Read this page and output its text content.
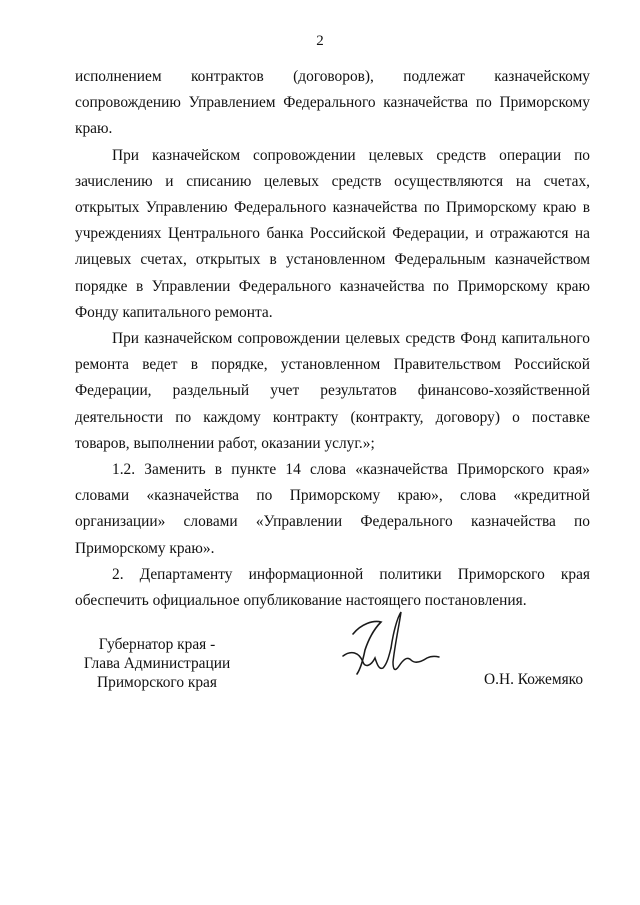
2

исполнением контрактов (договоров), подлежат казначейскому сопровождению Управлением Федерального казначейства по Приморскому краю.

При казначейском сопровождении целевых средств операции по зачислению и списанию целевых средств осуществляются на счетах, открытых Управлению Федерального казначейства по Приморскому краю в учреждениях Центрального банка Российской Федерации, и отражаются на лицевых счетах, открытых в установленном Федеральным казначейством порядке в Управлении Федерального казначейства по Приморскому краю Фонду капитального ремонта.

При казначейском сопровождении целевых средств Фонд капитального ремонта ведет в порядке, установленном Правительством Российской Федерации, раздельный учет результатов финансово-хозяйственной деятельности по каждому контракту (контракту, договору) о поставке товаров, выполнении работ, оказании услуг.»;

1.2. Заменить в пункте 14 слова «казначейства Приморского края» словами «казначейства по Приморскому краю», слова «кредитной организации» словами «Управлении Федерального казначейства по Приморскому краю».

2. Департаменту информационной политики Приморского края обеспечить официальное опубликование настоящего постановления.

Губернатор края -
Глава Администрации
Приморского края	О.Н. Кожемяко
